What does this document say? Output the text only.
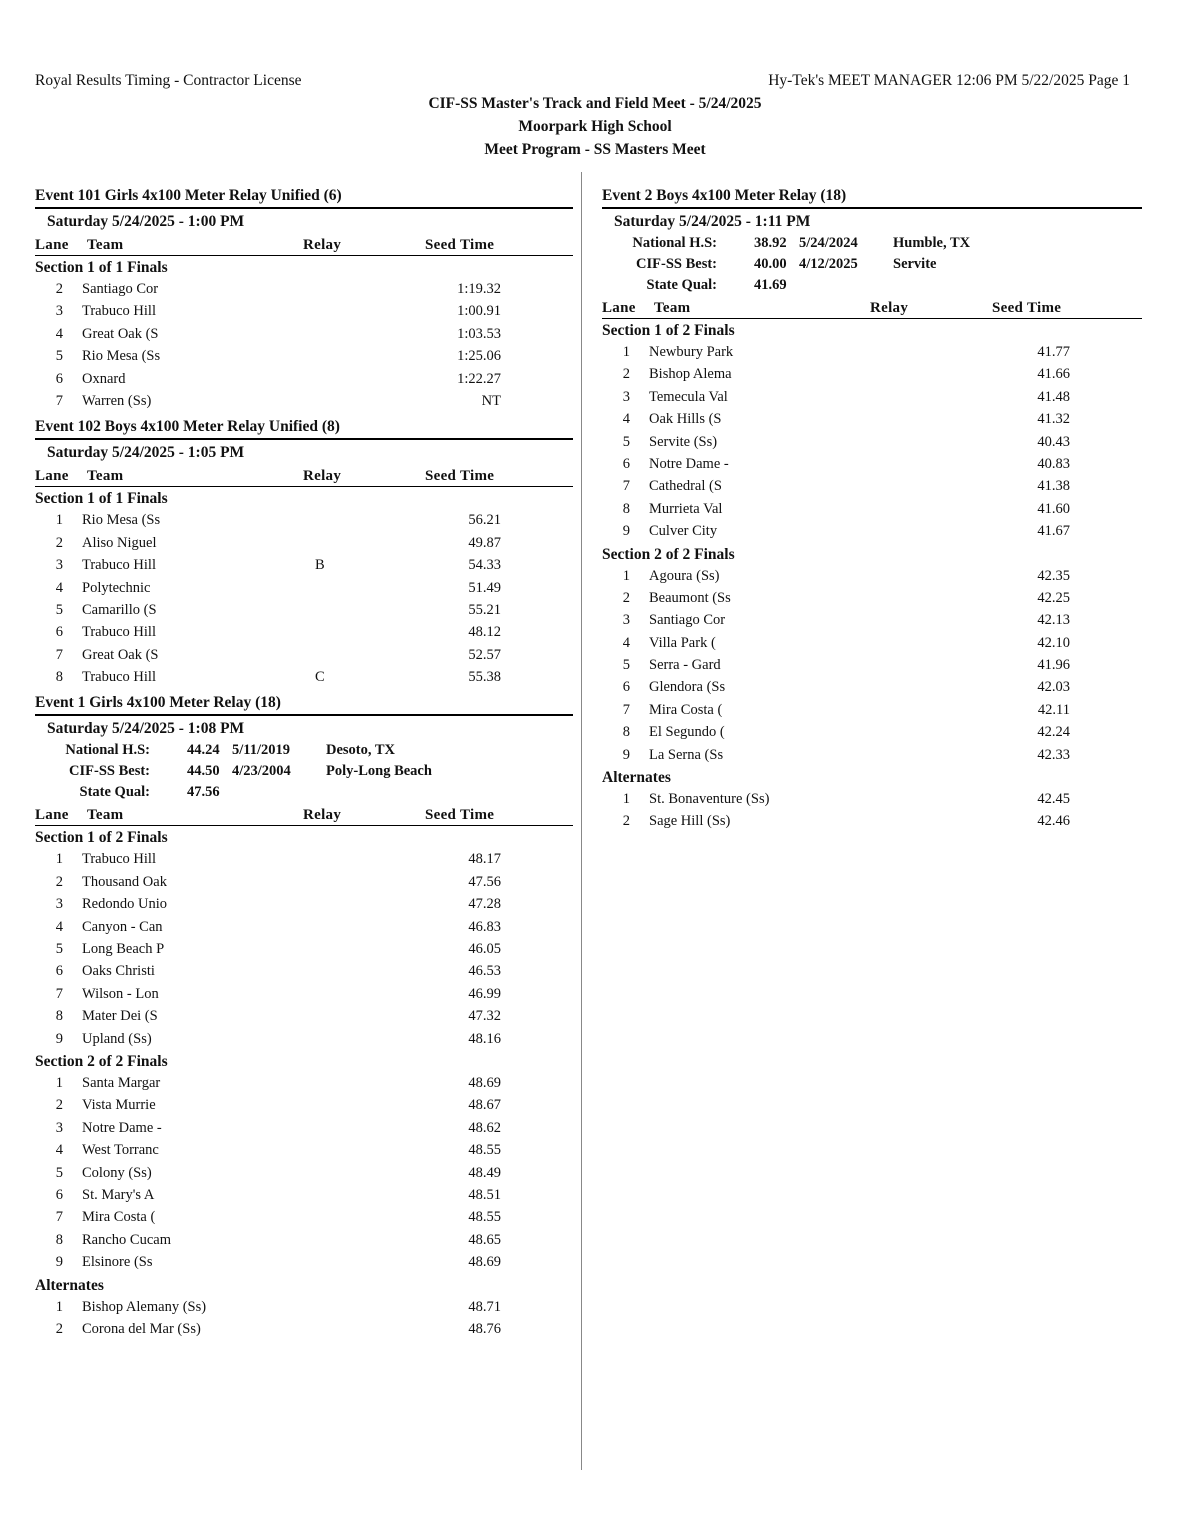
Royal Results Timing - Contractor License	Hy-Tek's MEET MANAGER 12:06 PM 5/22/2025 Page 1
CIF-SS Master's Track and Field Meet - 5/24/2025
Moorpark High School
Meet Program - SS Masters Meet
Event 101 Girls 4x100 Meter Relay Unified (6)
Saturday 5/24/2025 - 1:00 PM
Lane Team	Relay	Seed Time
Section 1 of 1 Finals
2 Santiago Cor	1:19.32
3 Trabuco Hill	1:00.91
4 Great Oak (S	1:03.53
5 Rio Mesa (Ss	1:25.06
6 Oxnard	1:22.27
7 Warren (Ss)	NT
Event 102 Boys 4x100 Meter Relay Unified (8)
Saturday 5/24/2025 - 1:05 PM
Lane Team	Relay	Seed Time
Section 1 of 1 Finals
1 Rio Mesa (Ss	56.21
2 Aliso Niguel	49.87
3 Trabuco Hill	B	54.33
4 Polytechnic	51.49
5 Camarillo (S	55.21
6 Trabuco Hill	48.12
7 Great Oak (S	52.57
8 Trabuco Hill	C	55.38
Event 1 Girls 4x100 Meter Relay (18)
Saturday 5/24/2025 - 1:08 PM
National H.S:	44.24 5/11/2019 Desoto, TX
CIF-SS Best:	44.50 4/23/2004 Poly-Long Beach
State Qual:	47.56
Lane Team	Relay	Seed Time
Section 1 of 2 Finals
1 Trabuco Hill	48.17
2 Thousand Oak	47.56
3 Redondo Unio	47.28
4 Canyon - Can	46.83
5 Long Beach P	46.05
6 Oaks Christi	46.53
7 Wilson - Lon	46.99
8 Mater Dei (S	47.32
9 Upland (Ss)	48.16
Section 2 of 2 Finals
1 Santa Margar	48.69
2 Vista Murrie	48.67
3 Notre Dame -	48.62
4 West Torranc	48.55
5 Colony (Ss)	48.49
6 St. Mary's A	48.51
7 Mira Costa (	48.55
8 Rancho Cucam	48.65
9 Elsinore (Ss	48.69
Alternates
1 Bishop Alemany (Ss)	48.71
2 Corona del Mar (Ss)	48.76
Event 2 Boys 4x100 Meter Relay (18)
Saturday 5/24/2025 - 1:11 PM
National H.S:	38.92 5/24/2024 Humble, TX
CIF-SS Best:	40.00 4/12/2025 Servite
State Qual:	41.69
Lane Team	Relay	Seed Time
Section 1 of 2 Finals
1 Newbury Park	41.77
2 Bishop Alema	41.66
3 Temecula Val	41.48
4 Oak Hills (S	41.32
5 Servite (Ss)	40.43
6 Notre Dame -	40.83
7 Cathedral (S	41.38
8 Murrieta Val	41.60
9 Culver City	41.67
Section 2 of 2 Finals
1 Agoura (Ss)	42.35
2 Beaumont (Ss	42.25
3 Santiago Cor	42.13
4 Villa Park (	42.10
5 Serra - Gard	41.96
6 Glendora (Ss	42.03
7 Mira Costa (	42.11
8 El Segundo (	42.24
9 La Serna (Ss	42.33
Alternates
1 St. Bonaventure (Ss)	42.45
2 Sage Hill (Ss)	42.46
